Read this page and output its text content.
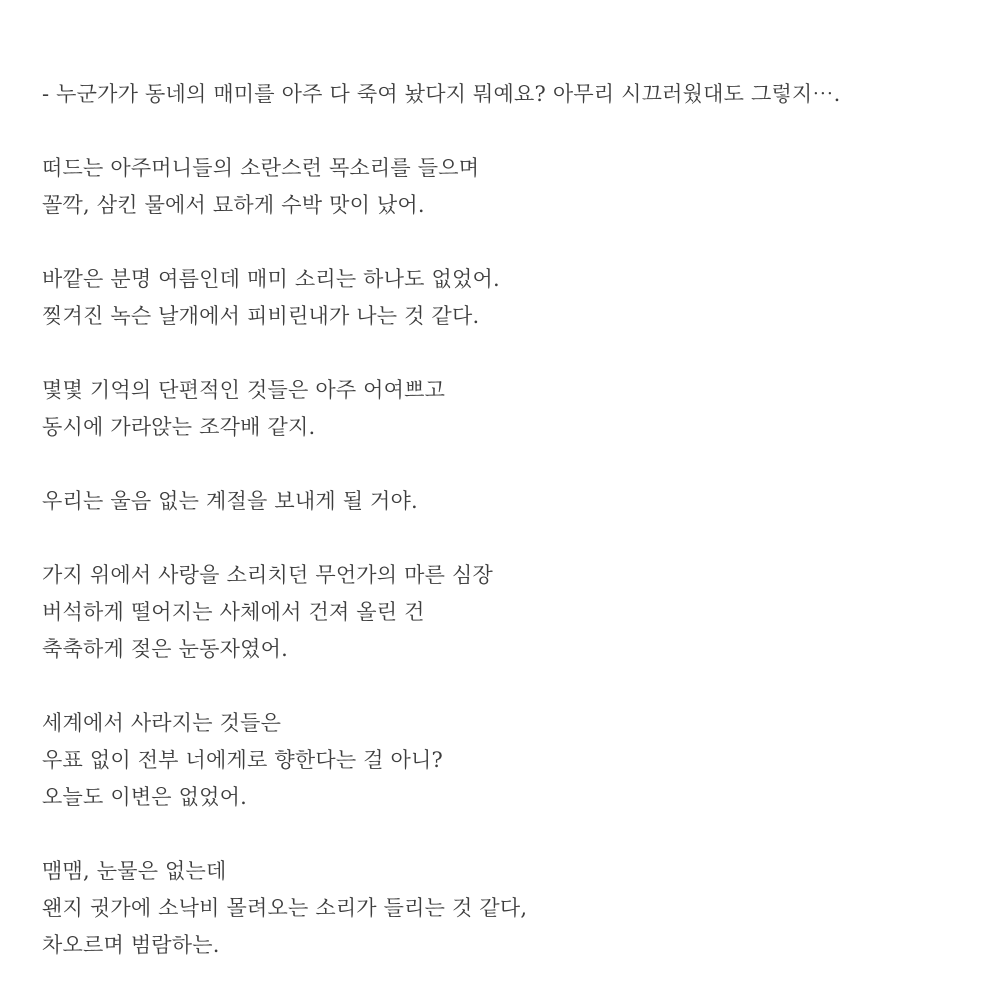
- 누군가가 동네의 매미를 아주 다 죽여 놨다지 뭐예요? 아무리 시끄러웠대도 그렇지⋯.
떠드는 아주머니들의 소란스런 목소리를 들으며
꼴깍, 삼킨 물에서 묘하게 수박 맛이 났어.
바깥은 분명 여름인데 매미 소리는 하나도 없었어.
찢겨진 녹슨 날개에서 피비린내가 나는 것 같다.
몇몇 기억의 단편적인 것들은 아주 어여쁘고
동시에 가라앉는 조각배 같지.
우리는 울음 없는 계절을 보내게 될 거야.
가지 위에서 사랑을 소리치던 무언가의 마른 심장
버석하게 떨어지는 사체에서 건져 올린 건
축축하게 젖은 눈동자였어.
세계에서 사라지는 것들은
우표 없이 전부 너에게로 향한다는 걸 아니?
오늘도 이변은 없었어.
맴맴, 눈물은 없는데
왠지 귓가에 소낙비 몰려오는 소리가 들리는 것 같다,
차오르며 범람하는.
